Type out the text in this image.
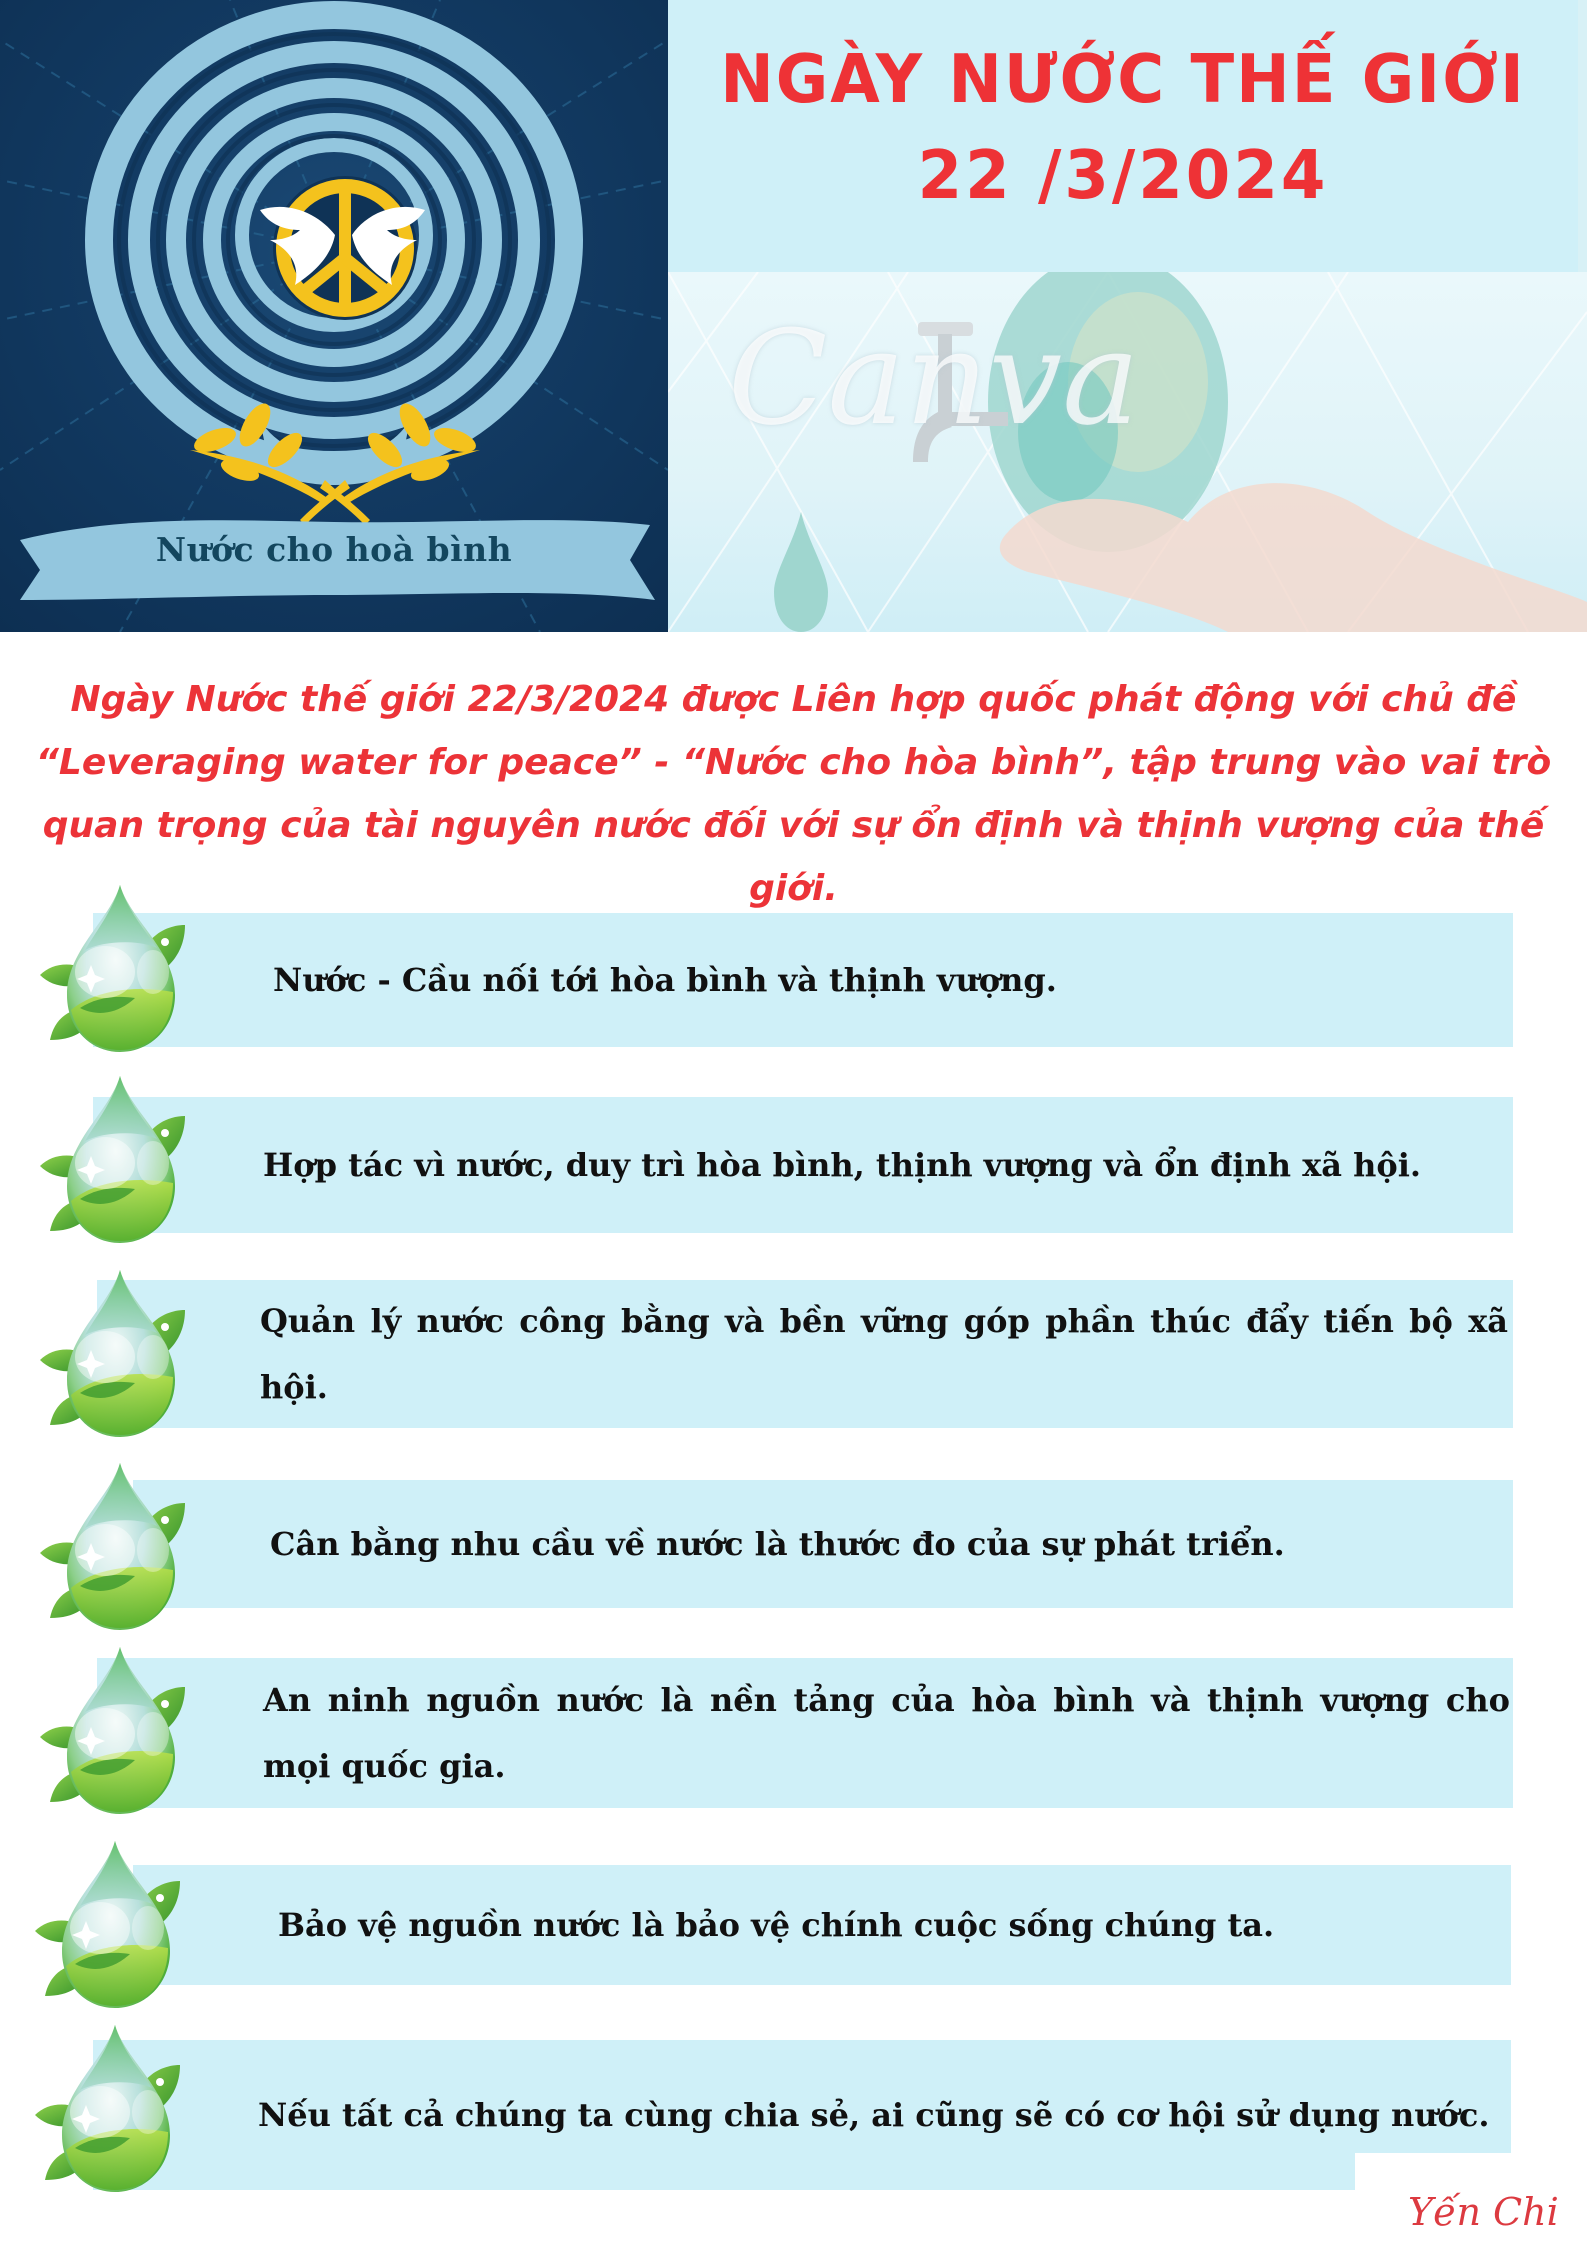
Nước cho hoà bình
NGÀY NƯỚC THẾ GIỚI
22 /3/2024
Canva
Ngày Nước thế giới 22/3/2024 được Liên hợp quốc phát động với chủ đề
“Leveraging water for peace” - “Nước cho hòa bình”, tập trung vào vai trò
quan trọng của tài nguyên nước đối với sự ổn định và thịnh vượng của thế giới.
Nước - Cầu nối tới hòa bình và thịnh vượng.
Hợp tác vì nước, duy trì hòa bình, thịnh vượng và ổn định xã hội.
Quản lý nước công bằng và bền vững góp phần thúc đẩy tiến bộ xã hội.
Cân bằng nhu cầu về nước là thước đo của sự phát triển.
An ninh nguồn nước là nền tảng của hòa bình và thịnh vượng cho mọi quốc gia.
Bảo vệ nguồn nước là bảo vệ chính cuộc sống chúng ta.
Nếu tất cả chúng ta cùng chia sẻ, ai cũng sẽ có cơ hội sử dụng nước.
Yến Chi
